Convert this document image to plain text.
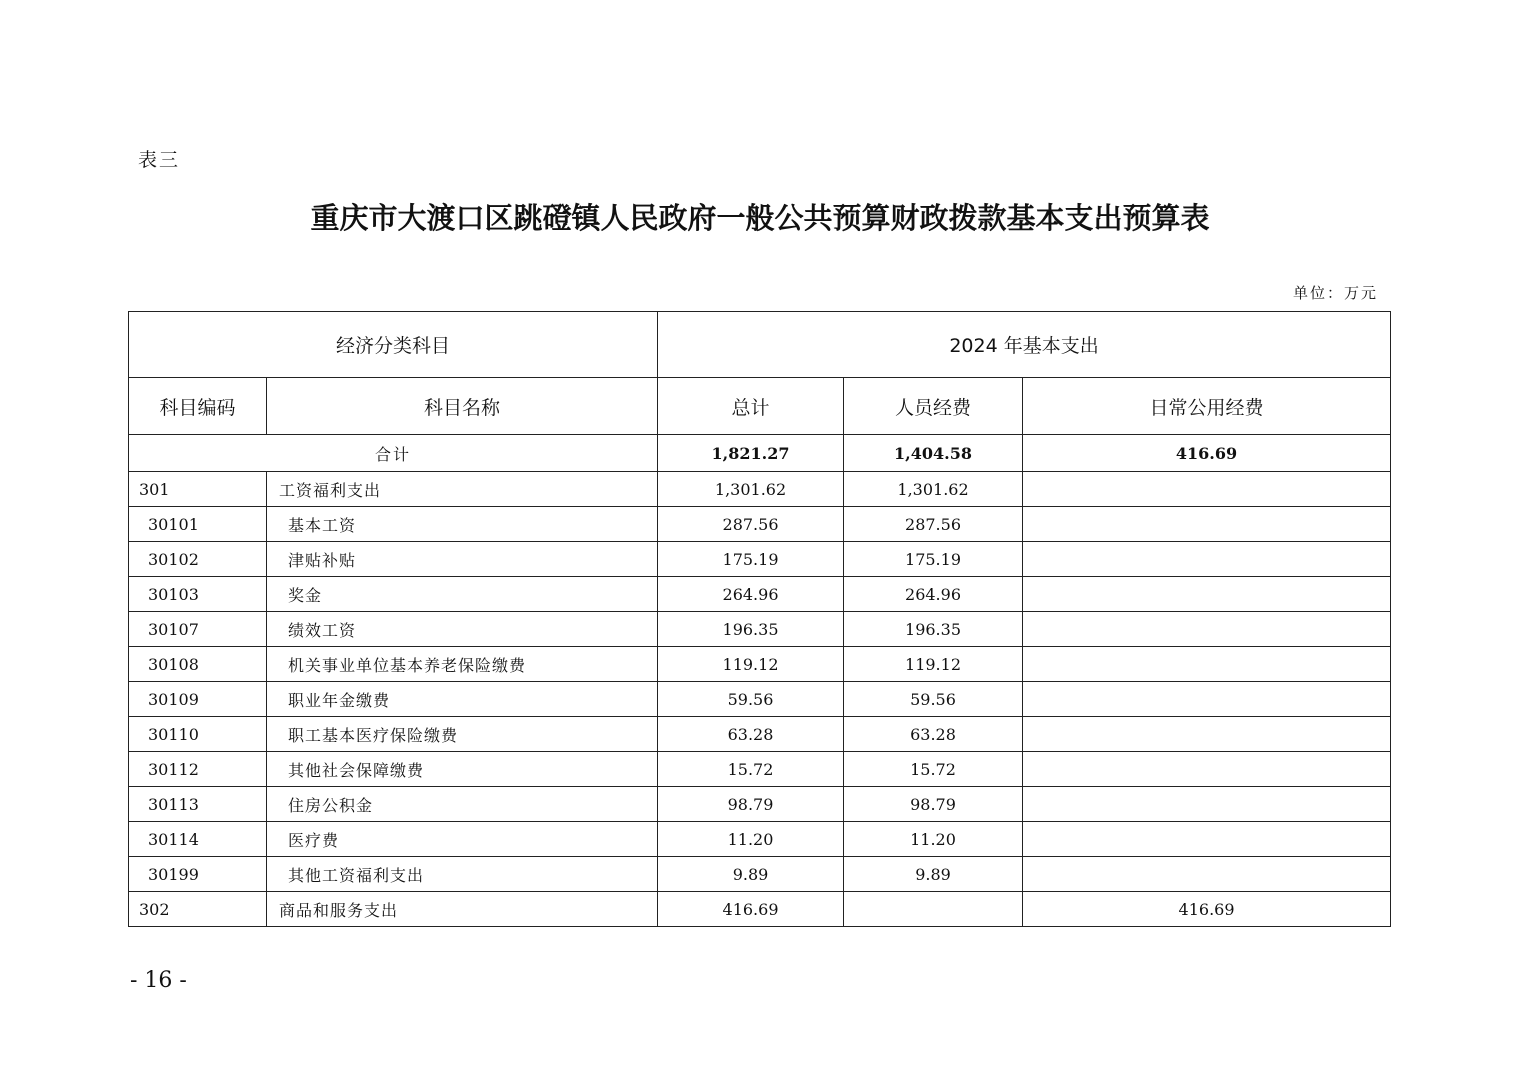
表三
重庆市大渡口区跳磴镇人民政府一般公共预算财政拨款基本支出预算表
单位：万元
经济分类科目		2024 年基本支出		
科目编码	科目名称	总计	人员经费	日常公用经费
合计		1,821.27	1,404.58	416.69
301	工资福利支出	1,301.62	1,301.62	
30101	基本工资	287.56	287.56	
30102	津贴补贴	175.19	175.19	
30103	奖金	264.96	264.96	
30107	绩效工资	196.35	196.35	
30108	机关事业单位基本养老保险缴费	119.12	119.12	
30109	职业年金缴费	59.56	59.56	
30110	职工基本医疗保险缴费	63.28	63.28	
30112	其他社会保障缴费	15.72	15.72	
30113	住房公积金	98.79	98.79	
30114	医疗费	11.20	11.20	
30199	其他工资福利支出	9.89	9.89	
302	商品和服务支出	416.69		416.69
- 16 -
